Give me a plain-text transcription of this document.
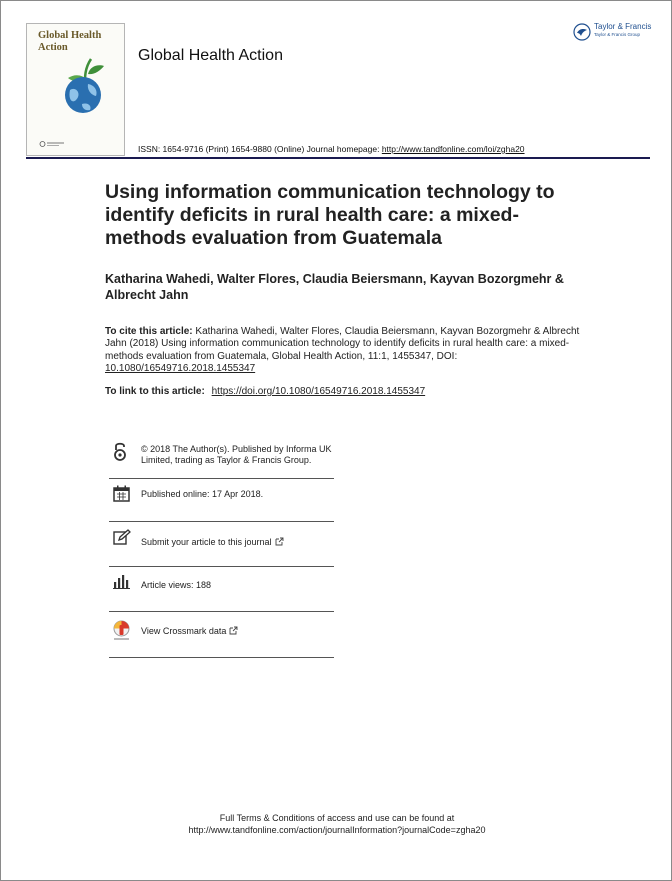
Global Health
Action	Global Health Action
Taylor & Francis
Taylor & Francis Group
ISSN: 1654-9716 (Print) 1654-9880 (Online) Journal homepage: http://www.tandfonline.com/loi/zgha20
Using information communication technology to identify deficits in rural health care: a mixed-methods evaluation from Guatemala
Katharina Wahedi, Walter Flores, Claudia Beiersmann, Kayvan Bozorgmehr & Albrecht Jahn
To cite this article: Katharina Wahedi, Walter Flores, Claudia Beiersmann, Kayvan Bozorgmehr & Albrecht Jahn (2018) Using information communication technology to identify deficits in rural health care: a mixed-methods evaluation from Guatemala, Global Health Action, 11:1, 1455347, DOI: 10.1080/16549716.2018.1455347
To link to this article: https://doi.org/10.1080/16549716.2018.1455347
© 2018 The Author(s). Published by Informa UK Limited, trading as Taylor & Francis Group.
Published online: 17 Apr 2018.
Submit your article to this journal
Article views: 188
View Crossmark data
Full Terms & Conditions of access and use can be found at
http://www.tandfonline.com/action/journalInformation?journalCode=zgha20
